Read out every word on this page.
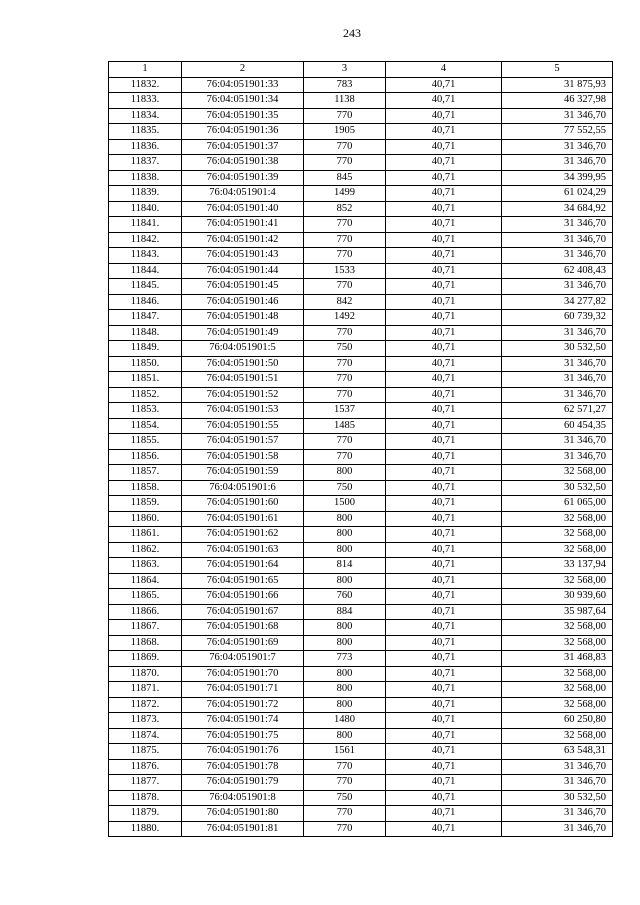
243
1	2	3	4	5
11832.	76:04:051901:33	783	40,71	31 875,93
11833.	76:04:051901:34	1138	40,71	46 327,98
11834.	76:04:051901:35	770	40,71	31 346,70
11835.	76:04:051901:36	1905	40,71	77 552,55
11836.	76:04:051901:37	770	40,71	31 346,70
11837.	76:04:051901:38	770	40,71	31 346,70
11838.	76:04:051901:39	845	40,71	34 399,95
11839.	76:04:051901:4	1499	40,71	61 024,29
11840.	76:04:051901:40	852	40,71	34 684,92
11841.	76:04:051901:41	770	40,71	31 346,70
11842.	76:04:051901:42	770	40,71	31 346,70
11843.	76:04:051901:43	770	40,71	31 346,70
11844.	76:04:051901:44	1533	40,71	62 408,43
11845.	76:04:051901:45	770	40,71	31 346,70
11846.	76:04:051901:46	842	40,71	34 277,82
11847.	76:04:051901:48	1492	40,71	60 739,32
11848.	76:04:051901:49	770	40,71	31 346,70
11849.	76:04:051901:5	750	40,71	30 532,50
11850.	76:04:051901:50	770	40,71	31 346,70
11851.	76:04:051901:51	770	40,71	31 346,70
11852.	76:04:051901:52	770	40,71	31 346,70
11853.	76:04:051901:53	1537	40,71	62 571,27
11854.	76:04:051901:55	1485	40,71	60 454,35
11855.	76:04:051901:57	770	40,71	31 346,70
11856.	76:04:051901:58	770	40,71	31 346,70
11857.	76:04:051901:59	800	40,71	32 568,00
11858.	76:04:051901:6	750	40,71	30 532,50
11859.	76:04:051901:60	1500	40,71	61 065,00
11860.	76:04:051901:61	800	40,71	32 568,00
11861.	76:04:051901:62	800	40,71	32 568,00
11862.	76:04:051901:63	800	40,71	32 568,00
11863.	76:04:051901:64	814	40,71	33 137,94
11864.	76:04:051901:65	800	40,71	32 568,00
11865.	76:04:051901:66	760	40,71	30 939,60
11866.	76:04:051901:67	884	40,71	35 987,64
11867.	76:04:051901:68	800	40,71	32 568,00
11868.	76:04:051901:69	800	40,71	32 568,00
11869.	76:04:051901:7	773	40,71	31 468,83
11870.	76:04:051901:70	800	40,71	32 568,00
11871.	76:04:051901:71	800	40,71	32 568,00
11872.	76:04:051901:72	800	40,71	32 568,00
11873.	76:04:051901:74	1480	40,71	60 250,80
11874.	76:04:051901:75	800	40,71	32 568,00
11875.	76:04:051901:76	1561	40,71	63 548,31
11876.	76:04:051901:78	770	40,71	31 346,70
11877.	76:04:051901:79	770	40,71	31 346,70
11878.	76:04:051901:8	750	40,71	30 532,50
11879.	76:04:051901:80	770	40,71	31 346,70
11880.	76:04:051901:81	770	40,71	31 346,70
